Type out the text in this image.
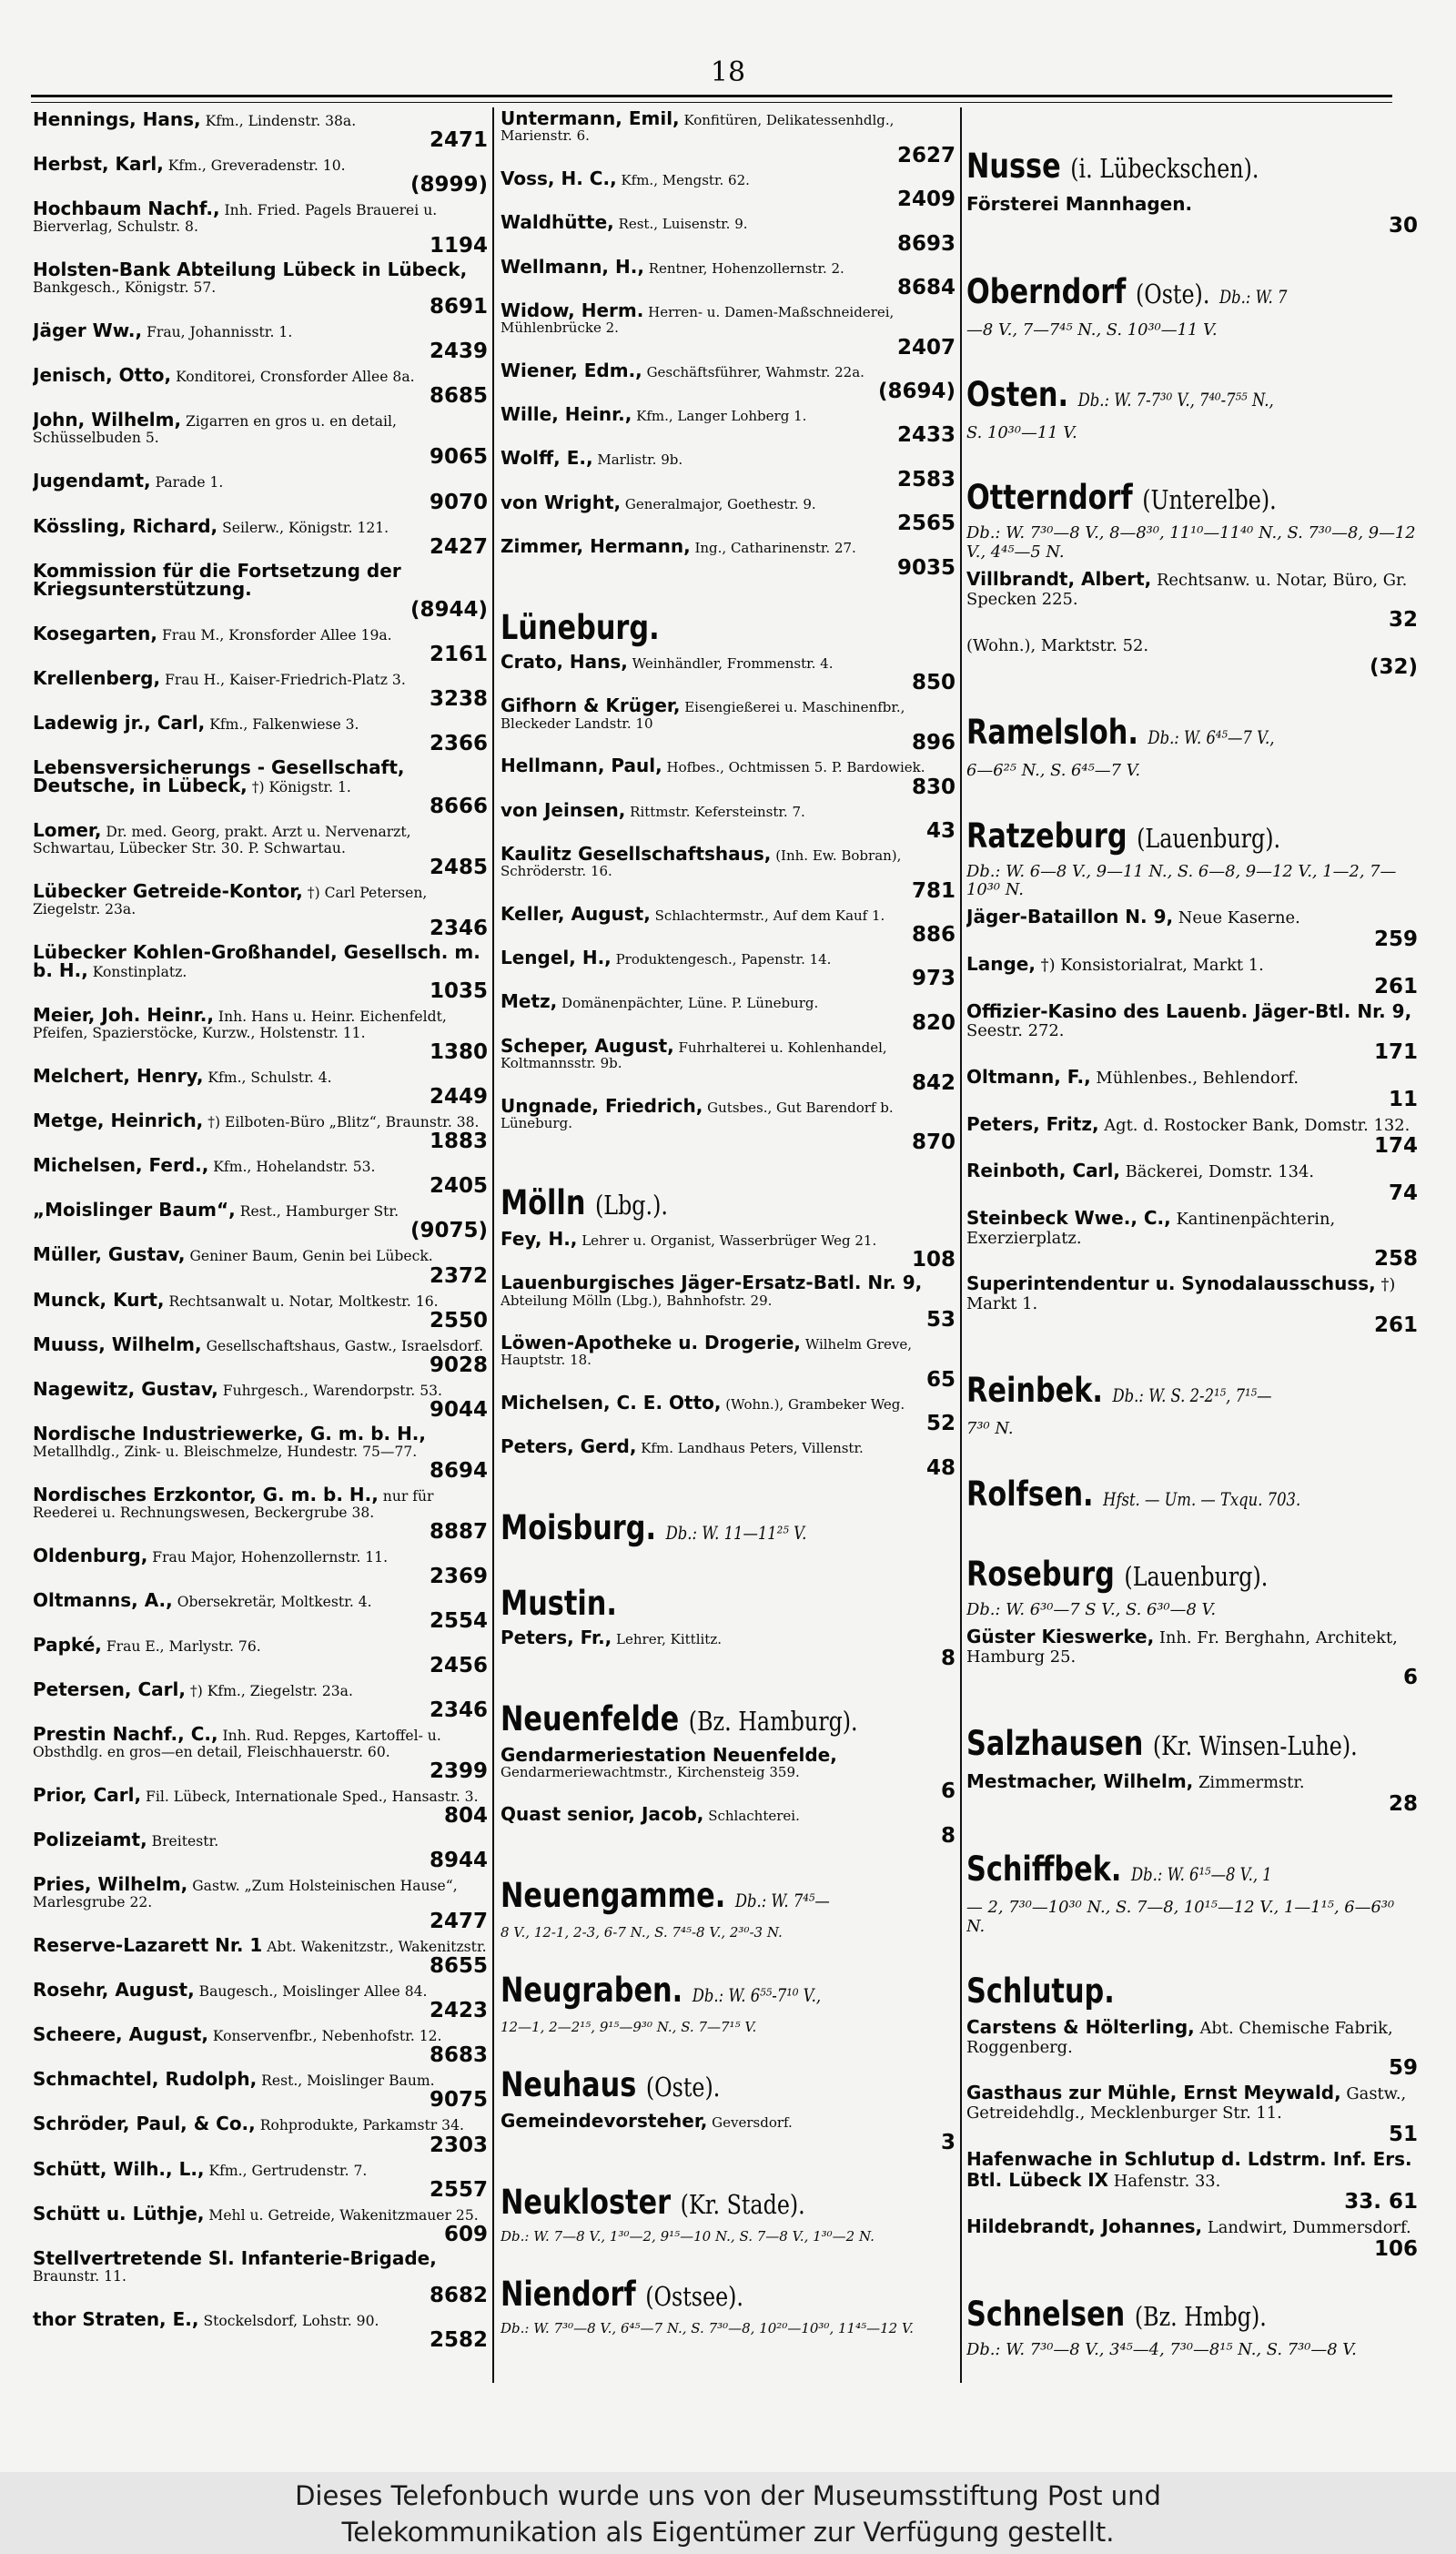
18
Hennings, Hans, Kfm., Lindenstr. 38a.
2471
Herbst, Karl, Kfm., Greveradenstr. 10.
(8999)
Hochbaum Nachf., Inh. Fried. Pagels Brauerei u. Bierverlag, Schulstr. 8.
1194
Holsten-Bank Abteilung Lübeck in Lübeck, Bankgesch., Königstr. 57.
8691
Jäger Ww., Frau, Johannisstr. 1.
2439
Jenisch, Otto, Konditorei, Cronsforder Allee 8a.
8685
John, Wilhelm, Zigarren en gros u. en detail, Schüsselbuden 5.
9065
Jugendamt, Parade 1.
9070
Kössling, Richard, Seilerw., Königstr. 121.
2427
Kommission für die Fortsetzung der Kriegsunterstützung.
(8944)
Kosegarten, Frau M., Kronsforder Allee 19a.
2161
Krellenberg, Frau H., Kaiser-Friedrich-Platz 3.
3238
Ladewig jr., Carl, Kfm., Falkenwiese 3.
2366
Lebensversicherungs - Gesellschaft, Deutsche, in Lübeck, †) Königstr. 1.
8666
Lomer, Dr. med. Georg, prakt. Arzt u. Nervenarzt, Schwartau, Lübecker Str. 30. P. Schwartau.
2485
Lübecker Getreide-Kontor, †) Carl Petersen, Ziegelstr. 23a.
2346
Lübecker Kohlen-Großhandel, Gesellsch. m. b. H., Konstinplatz.
1035
Meier, Joh. Heinr., Inh. Hans u. Heinr. Eichenfeldt, Pfeifen, Spazierstöcke, Kurzw., Holstenstr. 11.
1380
Melchert, Henry, Kfm., Schulstr. 4.
2449
Metge, Heinrich, †) Eilboten-Büro „Blitz“, Braunstr. 38.
1883
Michelsen, Ferd., Kfm., Hohelandstr. 53.
2405
„Moislinger Baum“, Rest., Hamburger Str.
(9075)
Müller, Gustav, Geniner Baum, Genin bei Lübeck.
2372
Munck, Kurt, Rechtsanwalt u. Notar, Moltkestr. 16.
2550
Muuss, Wilhelm, Gesellschaftshaus, Gastw., Israelsdorf.
9028
Nagewitz, Gustav, Fuhrgesch., Warendorpstr. 53.
9044
Nordische Industriewerke, G. m. b. H., Metallhdlg., Zink- u. Bleischmelze, Hundestr. 75—77.
8694
Nordisches Erzkontor, G. m. b. H., nur für Reederei u. Rechnungswesen, Beckergrube 38.
8887
Oldenburg, Frau Major, Hohenzollernstr. 11.
2369
Oltmanns, A., Obersekretär, Moltkestr. 4.
2554
Papké, Frau E., Marlystr. 76.
2456
Petersen, Carl, †) Kfm., Ziegelstr. 23a.
2346
Prestin Nachf., C., Inh. Rud. Repges, Kartoffel- u. Obsthdlg. en gros—en detail, Fleischhauerstr. 60.
2399
Prior, Carl, Fil. Lübeck, Internationale Sped., Hansastr. 3.
804
Polizeiamt, Breitestr.
8944
Pries, Wilhelm, Gastw. „Zum Holsteinischen Hause“, Marlesgrube 22.
2477
Reserve-Lazarett Nr. 1 Abt. Wakenitzstr., Wakenitzstr.
8655
Rosehr, August, Baugesch., Moislinger Allee 84.
2423
Scheere, August, Konservenfbr., Nebenhofstr. 12.
8683
Schmachtel, Rudolph, Rest., Moislinger Baum.
9075
Schröder, Paul, & Co., Rohprodukte, Parkamstr 34.
2303
Schütt, Wilh., L., Kfm., Gertrudenstr. 7.
2557
Schütt u. Lüthje, Mehl u. Getreide, Wakenitzmauer 25.
609
Stellvertretende Sl. Infanterie-Brigade, Braunstr. 11.
8682
thor Straten, E., Stockelsdorf, Lohstr. 90.
2582
Untermann, Emil, Konfitüren, Delikatessenhdlg., Marienstr. 6.
2627
Voss, H. C., Kfm., Mengstr. 62.
2409
Waldhütte, Rest., Luisenstr. 9.
8693
Wellmann, H., Rentner, Hohenzollernstr. 2.
8684
Widow, Herm. Herren- u. Damen-Maßschneiderei, Mühlenbrücke 2.
2407
Wiener, Edm., Geschäftsführer, Wahmstr. 22a.
(8694)
Wille, Heinr., Kfm., Langer Lohberg 1.
2433
Wolff, E., Marlistr. 9b.
2583
von Wright, Generalmajor, Goethestr. 9.
2565
Zimmer, Hermann, Ing., Catharinenstr. 27.
9035
Lüneburg.
Crato, Hans, Weinhändler, Frommenstr. 4.
850
Gifhorn & Krüger, Eisengießerei u. Maschinenfbr., Bleckeder Landstr. 10
896
Hellmann, Paul, Hofbes., Ochtmissen 5. P. Bardowiek.
830
von Jeinsen, Rittmstr. Kefersteinstr. 7.
43
Kaulitz Gesellschaftshaus, (Inh. Ew. Bobran), Schröderstr. 16.
781
Keller, August, Schlachtermstr., Auf dem Kauf 1.
886
Lengel, H., Produktengesch., Papenstr. 14.
973
Metz, Domänenpächter, Lüne. P. Lüneburg.
820
Scheper, August, Fuhrhalterei u. Kohlenhandel, Koltmannsstr. 9b.
842
Ungnade, Friedrich, Gutsbes., Gut Barendorf b. Lüneburg.
870
Mölln (Lbg.).
Fey, H., Lehrer u. Organist, Wasserbrüger Weg 21.
108
Lauenburgisches Jäger-Ersatz-Batl. Nr. 9, Abteilung Mölln (Lbg.), Bahnhofstr. 29.
53
Löwen-Apotheke u. Drogerie, Wilhelm Greve, Hauptstr. 18.
65
Michelsen, C. E. Otto, (Wohn.), Grambeker Weg.
52
Peters, Gerd, Kfm. Landhaus Peters, Villenstr.
48
Moisburg. Db.: W. 11—11²⁵ V.
Mustin.
Peters, Fr., Lehrer, Kittlitz.
8
Neuenfelde (Bz. Hamburg).
Gendarmeriestation Neuenfelde, Gendarmeriewachtmstr., Kirchensteig 359.
6
Quast senior, Jacob, Schlachterei.
8
Neuengamme. Db.: W. 7⁴⁵—
8 V., 12-1, 2-3, 6-7 N., S. 7⁴⁵-8 V., 2³⁰-3 N.
Neugraben. Db.: W. 6⁵⁵-7¹⁰ V.,
12—1, 2—2¹⁵, 9¹⁵—9³⁰ N., S. 7—7¹⁵ V.
Neuhaus (Oste).
Gemeindevorsteher, Geversdorf.
3
Neukloster (Kr. Stade).
Db.: W. 7—8 V., 1³⁰—2, 9¹⁵—10 N., S. 7—8 V., 1³⁰—2 N.
Niendorf (Ostsee).
Db.: W. 7³⁰—8 V., 6⁴⁵—7 N., S. 7³⁰—8, 10²⁰—10³⁰, 11⁴⁵—12 V.
Nusse (i. Lübeckschen).
Försterei Mannhagen.
30
Oberndorf (Oste). Db.: W. 7
—8 V., 7—7⁴⁵ N., S. 10³⁰—11 V.
Osten. Db.: W. 7-7³⁰ V., 7⁴⁰-7⁵⁵ N.,
S. 10³⁰—11 V.
Otterndorf (Unterelbe).
Db.: W. 7³⁰—8 V., 8—8³⁰, 11¹⁰—11⁴⁰ N., S. 7³⁰—8, 9—12 V., 4⁴⁵—5 N.
Villbrandt, Albert, Rechtsanw. u. Notar, Büro, Gr. Specken 225.
32
(Wohn.), Marktstr. 52.
(32)
Ramelsloh. Db.: W. 6⁴⁵—7 V.,
6—6²⁵ N., S. 6⁴⁵—7 V.
Ratzeburg (Lauenburg).
Db.: W. 6—8 V., 9—11 N., S. 6—8, 9—12 V., 1—2, 7—10³⁰ N.
Jäger-Bataillon N. 9, Neue Kaserne.
259
Lange, †) Konsistorialrat, Markt 1.
261
Offizier-Kasino des Lauenb. Jäger-Btl. Nr. 9, Seestr. 272.
171
Oltmann, F., Mühlenbes., Behlendorf.
11
Peters, Fritz, Agt. d. Rostocker Bank, Domstr. 132.
174
Reinboth, Carl, Bäckerei, Domstr. 134.
74
Steinbeck Wwe., C., Kantinenpächterin, Exerzierplatz.
258
Superintendentur u. Synodalausschuss, †) Markt 1.
261
Reinbek. Db.: W. S. 2-2¹⁵, 7¹⁵—
7³⁰ N.
Rolfsen. Hfst. — Um. — Txqu. 703.
Roseburg (Lauenburg).
Db.: W. 6³⁰—7 S V., S. 6³⁰—8 V.
Güster Kieswerke, Inh. Fr. Berghahn, Architekt, Hamburg 25.
6
Salzhausen (Kr. Winsen-Luhe).
Mestmacher, Wilhelm, Zimmermstr.
28
Schiffbek. Db.: W. 6¹⁵—8 V., 1
— 2, 7³⁰—10³⁰ N., S. 7—8, 10¹⁵—12 V., 1—1¹⁵, 6—6³⁰ N.
Schlutup.
Carstens & Hölterling, Abt. Chemische Fabrik, Roggenberg.
59
Gasthaus zur Mühle, Ernst Meywald, Gastw., Getreidehdlg., Mecklenburger Str. 11.
51
Hafenwache in Schlutup d. Ldstrm. Inf. Ers. Btl. Lübeck IX Hafenstr. 33.
33. 61
Hildebrandt, Johannes, Landwirt, Dummersdorf.
106
Schnelsen (Bz. Hmbg).
Db.: W. 7³⁰—8 V., 3⁴⁵—4, 7³⁰—8¹⁵ N., S. 7³⁰—8 V.
Dieses Telefonbuch wurde uns von der Museumsstiftung Post und
Telekommunikation als Eigentümer zur Verfügung gestellt.
